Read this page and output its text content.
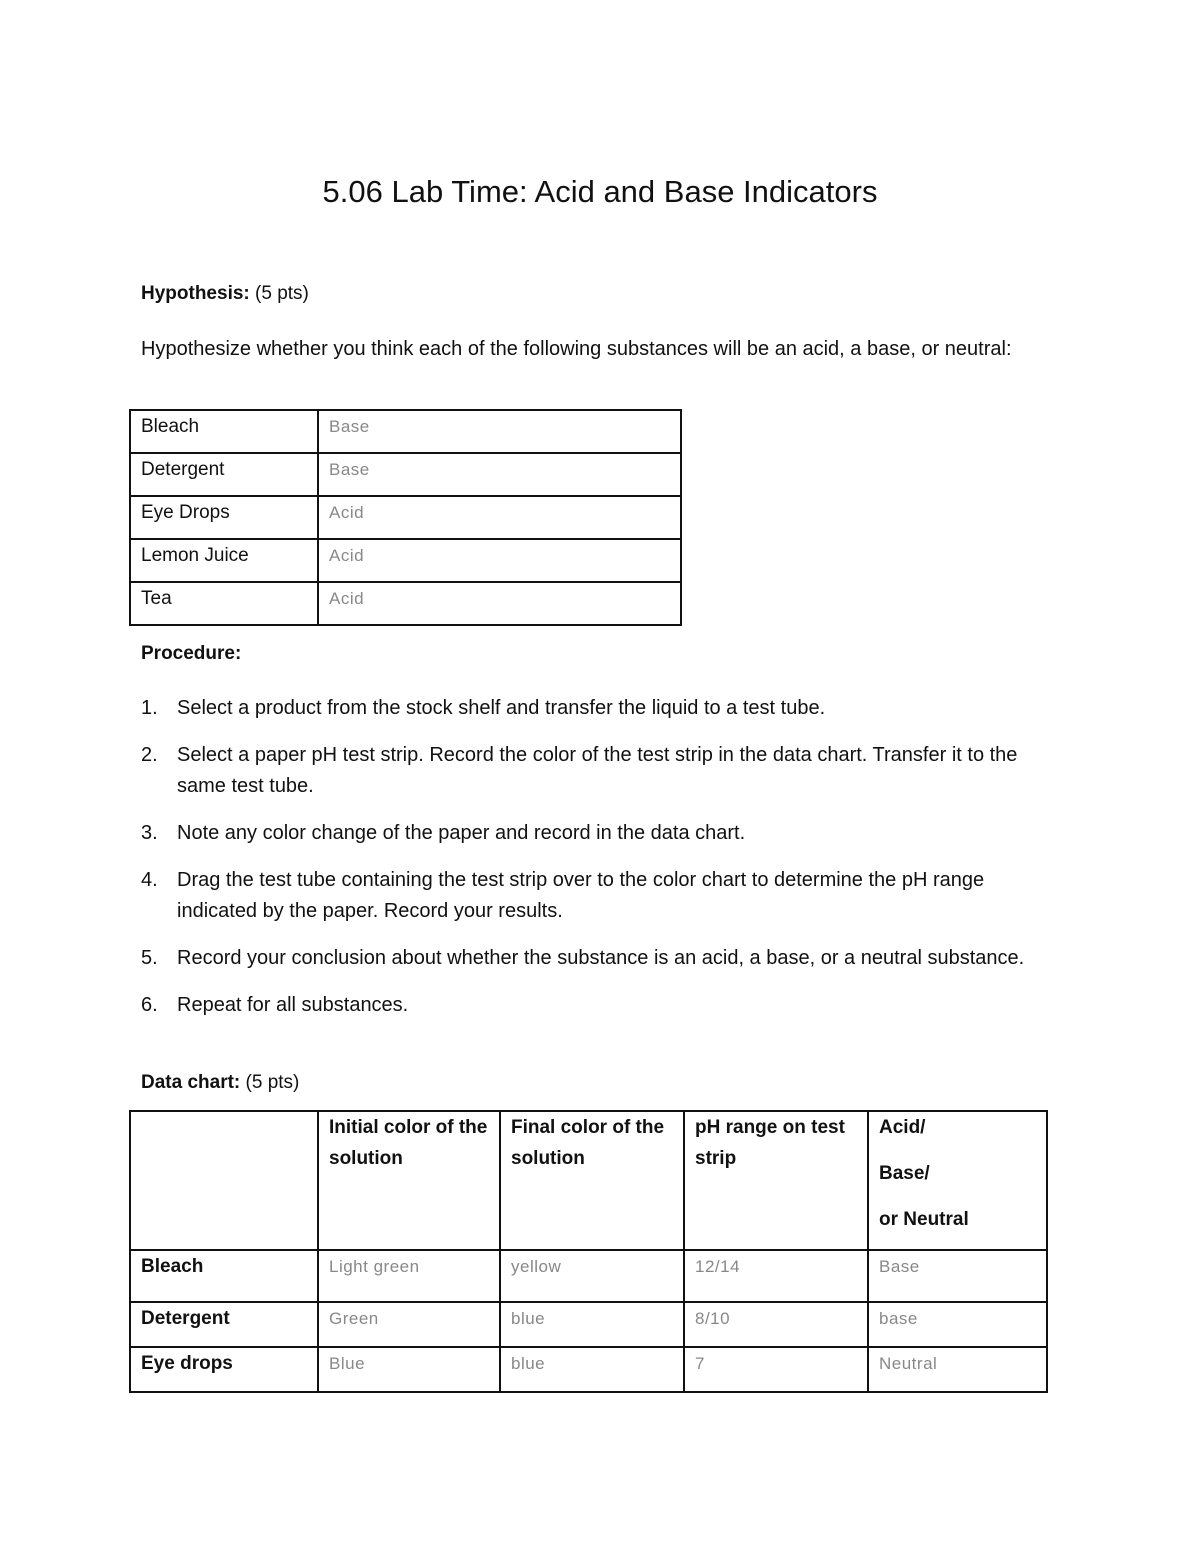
5.06 Lab Time: Acid and Base Indicators

Hypothesis: (5 pts)

Hypothesize whether you think each of the following substances will be an acid, a base, or neutral:

Bleach	Base
Detergent	Base
Eye Drops	Acid
Lemon Juice	Acid
Tea	Acid

Procedure:

1. Select a product from the stock shelf and transfer the liquid to a test tube.
2. Select a paper pH test strip. Record the color of the test strip in the data chart. Transfer it to the same test tube.
3. Note any color change of the paper and record in the data chart.
4. Drag the test tube containing the test strip over to the color chart to determine the pH range indicated by the paper. Record your results.
5. Record your conclusion about whether the substance is an acid, a base, or a neutral substance.
6. Repeat for all substances.

Data chart: (5 pts)

	Initial color of the solution	Final color of the solution	pH range on test strip	Acid/
Base/
or Neutral

Bleach	Light green	yellow	12/14	Base
Detergent	Green	blue	8/10	base
Eye drops	Blue	blue	7	Neutral
